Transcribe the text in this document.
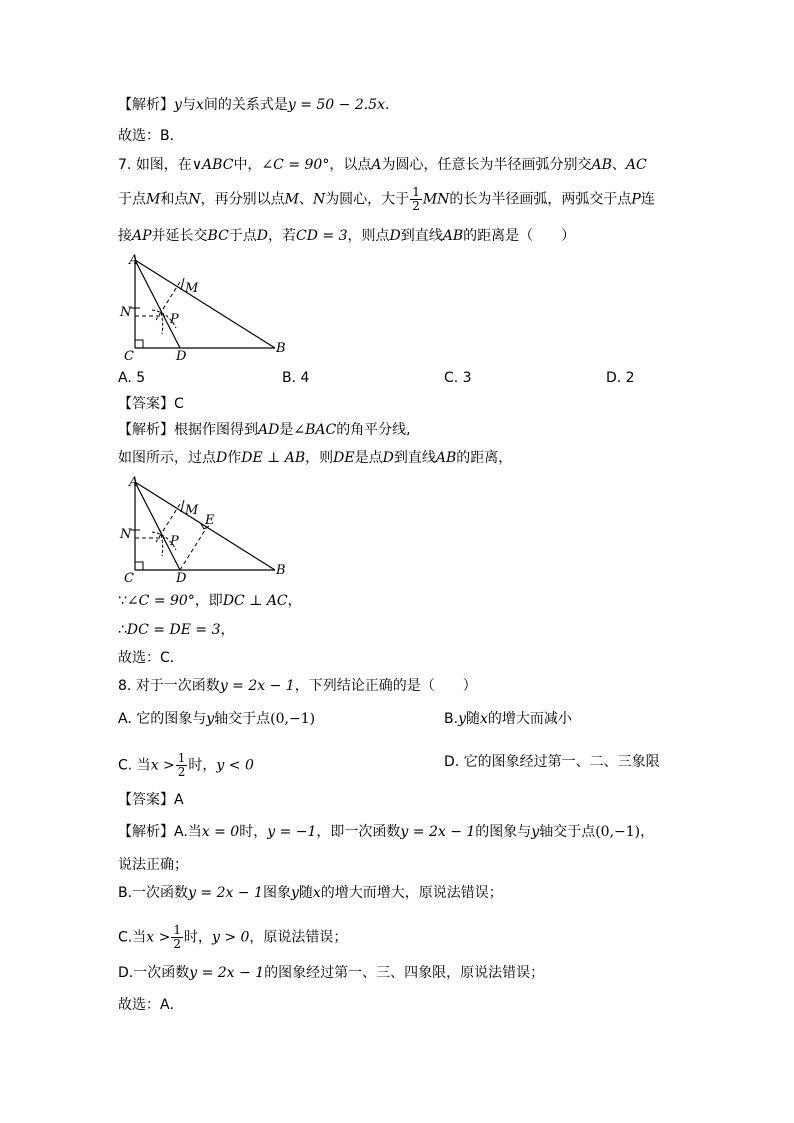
【解析】y与x间的关系式是y = 50 − 2.5x.
故选：B．
7. 如图，在∨ABC中，∠C = 90°，以点A为圆心，任意长为半径画弧分别交AB、AC
于点M和点N，再分别以点M、N为圆心，大于 $\frac{1}{2}$ MN的长为半径画弧，两弧交于点P连
接AP并延长交BC于点D，若CD = 3，则点D到直线AB的距离是（　　）
A
M
N	P
C	D
B
A. 5	B. 4	C. 3	D. 2
【答案】C
【解析】根据作图得到AD是∠BAC的角平分线,
如图所示，过点D作DE ⊥ AB，则DE是点D到直线AB的距离，
A
M
E
N	P
C	D
B
∵∠C = 90°，即DC ⊥ AC，
∴DC = DE = 3，
故选：C．
8. 对于一次函数y = 2x − 1，下列结论正确的是（　　）
A. 它的图象与y轴交于点(0,−1)	B.y随x的增大而减小
C. 当$x > \frac{1}{2}$ 时，y < 0	D. 它的图象经过第一、二、三象限
【答案】A
【解析】A.当x = 0时，y = −1，即一次函数y = 2x − 1的图象与y轴交于点(0,−1)，
说法正确；
B.一次函数y = 2x − 1图象y随x的增大而增大，原说法错误；
C.当$x > \frac{1}{2}$ 时，y > 0，原说法错误；
D.一次函数y = 2x − 1的图象经过第一、三、四象限，原说法错误；
故选：A．
